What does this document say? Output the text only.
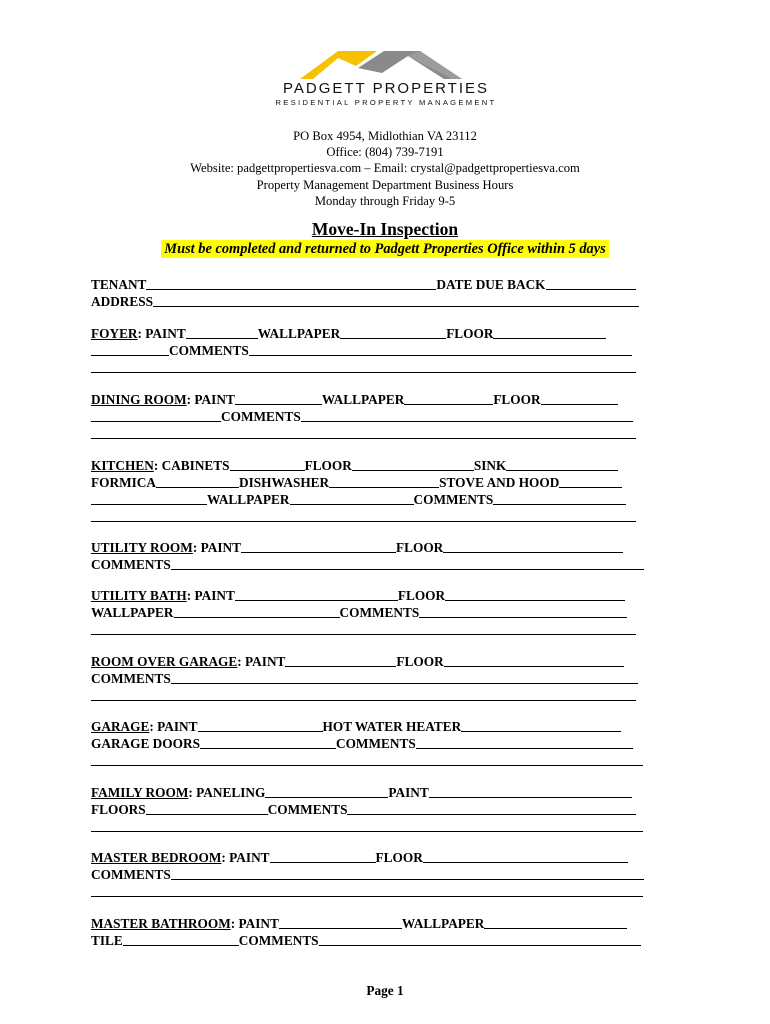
PADGETT PROPERTIES
RESIDENTIAL PROPERTY MANAGEMENT
PO Box 4954, Midlothian VA 23112
Office: (804) 739-7191
Website: padgettpropertiesva.com – Email: crystal@padgettpropertiesva.com
Property Management Department Business Hours
Monday through Friday 9-5
Move-In Inspection
Must be completed and returned to Padgett Properties Office within 5 days
TENANT	DATE DUE BACK
ADDRESS
FOYER: PAINT	WALLPAPER	FLOOR
COMMENTS
DINING ROOM: PAINT	WALLPAPER	FLOOR
COMMENTS
KITCHEN: CABINETS	FLOOR	SINK
FORMICA	DISHWASHER	STOVE AND HOOD
WALLPAPER	COMMENTS
UTILITY ROOM: PAINT	FLOOR
COMMENTS
UTILITY BATH: PAINT	FLOOR
WALLPAPER	COMMENTS
ROOM OVER GARAGE: PAINT	FLOOR
COMMENTS
GARAGE: PAINT	HOT WATER HEATER
GARAGE DOORS	COMMENTS
FAMILY ROOM: PANELING	PAINT
FLOORS	COMMENTS
MASTER BEDROOM: PAINT	FLOOR
COMMENTS
MASTER BATHROOM: PAINT	WALLPAPER
TILE	COMMENTS
Page 1
